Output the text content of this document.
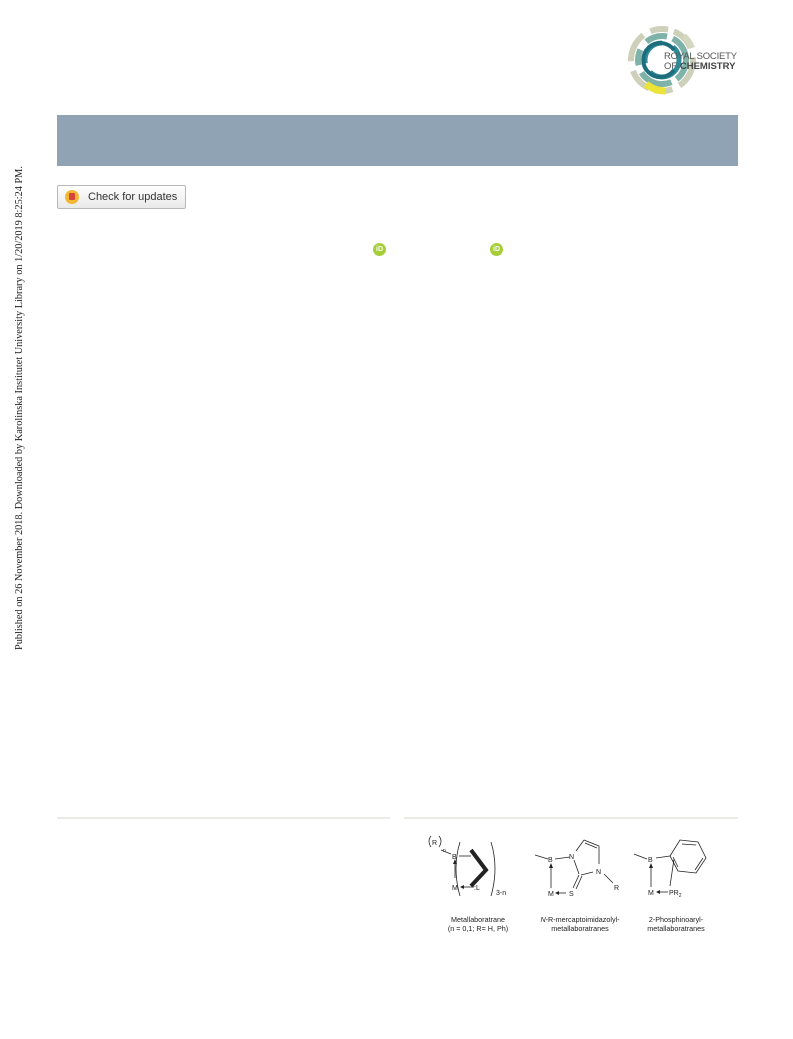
Published on 26 November 2018. Downloaded by Karolinska Institutet University Library on 1/20/2019 8:25:24 PM.
ROYAL SOCIETY
OF CHEMISTRY
Check for updates
iD	iD
R
n
B
M :L
3-n
Metallaboratrane
(n = 0,1; R= H, Ph)
B N
N
R
M S
N-R-mercaptoimidazolyl-
metallaboratranes
B
M $PR_2$
2-Phosphinoaryl-
metallaboratranes
